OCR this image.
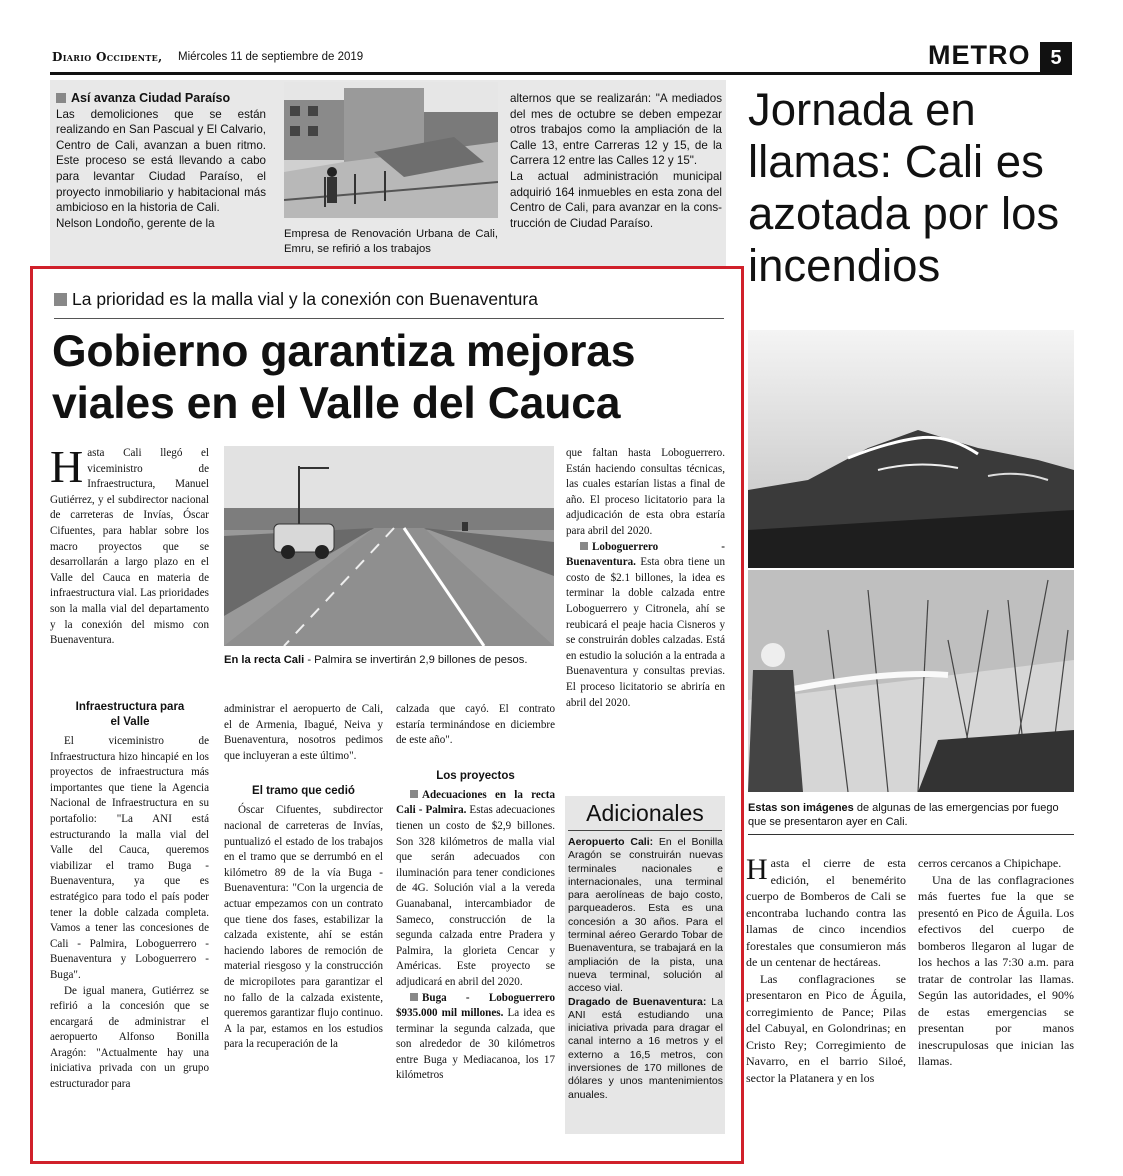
Diario Occidente, Miércoles 11 de septiembre de 2019	METRO 5
Así avanza Ciudad Paraíso
Las demoliciones que se están realizando en San Pascual y El Calvario, Centro de Cali, avanzan a buen ritmo. Este proceso se está llevando a cabo para levantar Ciudad Paraíso, el proyecto inmobiliario y habitacional más ambicioso en la historia de Cali.
Nelson Londoño, gerente de la
Empresa de Renovación Urbana de Cali, Emru, se refirió a los trabajos
alternos que se realizarán: "A mediados del mes de octubre se deben empezar otros trabajos como la ampliación de la Calle 13, entre Carreras 12 y 15, de la Carrera 12 entre las Calles 12 y 15".
La actual administración municipal adquirió 164 inmuebles en esta zona del Centro de Cali, para avanzar en la cons-trucción de Ciudad Paraíso.
Jornada en llamas: Cali es azotada por los incendios
Estas son imágenes de algunas de las emergencias por fuego que se presentaron ayer en Cali.

Hasta el cierre de esta edición, el benemérito cuerpo de Bomberos de Cali se encontraba luchando contra las llamas de cinco incendios forestales que consumieron más de un centenar de hectáreas.

Las conflagraciones se presentaron en Pico de Águila, corregimiento de Pance; Pilas del Cabuyal, en Golondrinas; en Cristo Rey; Corregimiento de Navarro, en el barrio Siloé, sector la Platanera y en los

cerros cercanos a Chipichape.

Una de las conflagraciones más fuertes fue la que se presentó en Pico de Águila. Los efectivos del cuerpo de bomberos llegaron al lugar de los hechos a las 7:30 a.m. para tratar de controlar las llamas. Según las autoridades, el 90% de estas emergencias se presentan por manos inescrupulosas que inician las llamas.

La prioridad es la malla vial y la conexión con Buenaventura
Gobierno garantiza mejoras viales en el Valle del Cauca

Hasta Cali llegó el viceministro de Infraestructura, Manuel Gutiérrez, y el subdirector nacional de carreteras de Invías, Óscar Cifuentes, para hablar sobre los macro proyectos que se desarrollarán a largo plazo en el Valle del Cauca en materia de infraestructura vial. Las prioridades son la malla vial del departamento y la conexión del mismo con Buenaventura.

En la recta Cali - Palmira se invertirán 2,9 billones de pesos.

que faltan hasta Loboguerrero. Están haciendo consultas técnicas, las cuales estarían listas a final de año. El proceso licitatorio para la adjudicación de esta obra estaría para abril del 2020.

Loboguerrero - Buenaventura. Esta obra tiene un costo de $2.1 billones, la idea es terminar la doble calzada entre Loboguerrero y Citronela, ahí se reubicará el peaje hacia Cisneros y se construirán dobles calzadas. Está en estudio la solución a la entrada a Buenaventura y consultas previas. El proceso licitatorio se abriría en abril del 2020.

Infraestructura para el Valle

El viceministro de Infraestructura hizo hincapié en los proyectos de infraestructura más importantes que tiene la Agencia Nacional de Infraestructura en su portafolio: "La ANI está estructurando la malla vial del Valle del Cauca, queremos viabilizar el tramo Buga - Buenaventura, ya que es estratégico para todo el país poder tener la doble calzada completa. Vamos a tener las concesiones de Cali - Palmira, Loboguerrero - Buenaventura y Loboguerrero - Buga".

De igual manera, Gutiérrez se refirió a la concesión que se encargará de administrar el aeropuerto Alfonso Bonilla Aragón: "Actualmente hay una iniciativa privada con un grupo estructurador para

administrar el aeropuerto de Cali, el de Armenia, Ibagué, Neiva y Buenaventura, nosotros pedimos que incluyeran a este último".

El tramo que cedió

Óscar Cifuentes, subdirector nacional de carreteras de Invías, puntualizó el estado de los trabajos en el tramo que se derrumbó en el kilómetro 89 de la vía Buga - Buenaventura: "Con la urgencia de actuar empezamos con un contrato que tiene dos fases, estabilizar la calzada existente, ahí se están haciendo labores de remoción de material riesgoso y la construcción de micropilotes para garantizar el no fallo de la calzada existente, queremos garantizar flujo continuo. A la par, estamos en los estudios para la recuperación de la

calzada que cayó. El contrato estaría terminándose en diciembre de este año".

Los proyectos

Adecuaciones en la recta Cali - Palmira. Estas adecuaciones tienen un costo de $2,9 billones. Son 328 kilómetros de malla vial que serán adecuados con iluminación para tener condiciones de 4G. Solución vial a la vereda Guanabanal, intercambiador de Sameco, construcción de la segunda calzada entre Pradera y Palmira, la glorieta Cencar y Américas. Este proyecto se adjudicará en abril del 2020.

Buga - Loboguerrero $935.000 mil millones. La idea es terminar la segunda calzada, que son alrededor de 30 kilómetros entre Buga y Mediacanoa, los 17 kilómetros

Adicionales
Aeropuerto Cali: En el Bonilla Aragón se construirán nuevas terminales nacionales e internacionales, una terminal para aerolíneas de bajo costo, parqueaderos. Esta es una concesión a 30 años. Para el terminal aéreo Gerardo Tobar de Buenaventura, se trabajará en la ampliación de la pista, una nueva terminal, solución al acceso vial.
Dragado de Buenaventura: La ANI está estudiando una iniciativa privada para dragar el canal interno a 16 metros y el externo a 16,5 metros, con inversiones de 170 millones de dólares y unos mantenimientos anuales.
